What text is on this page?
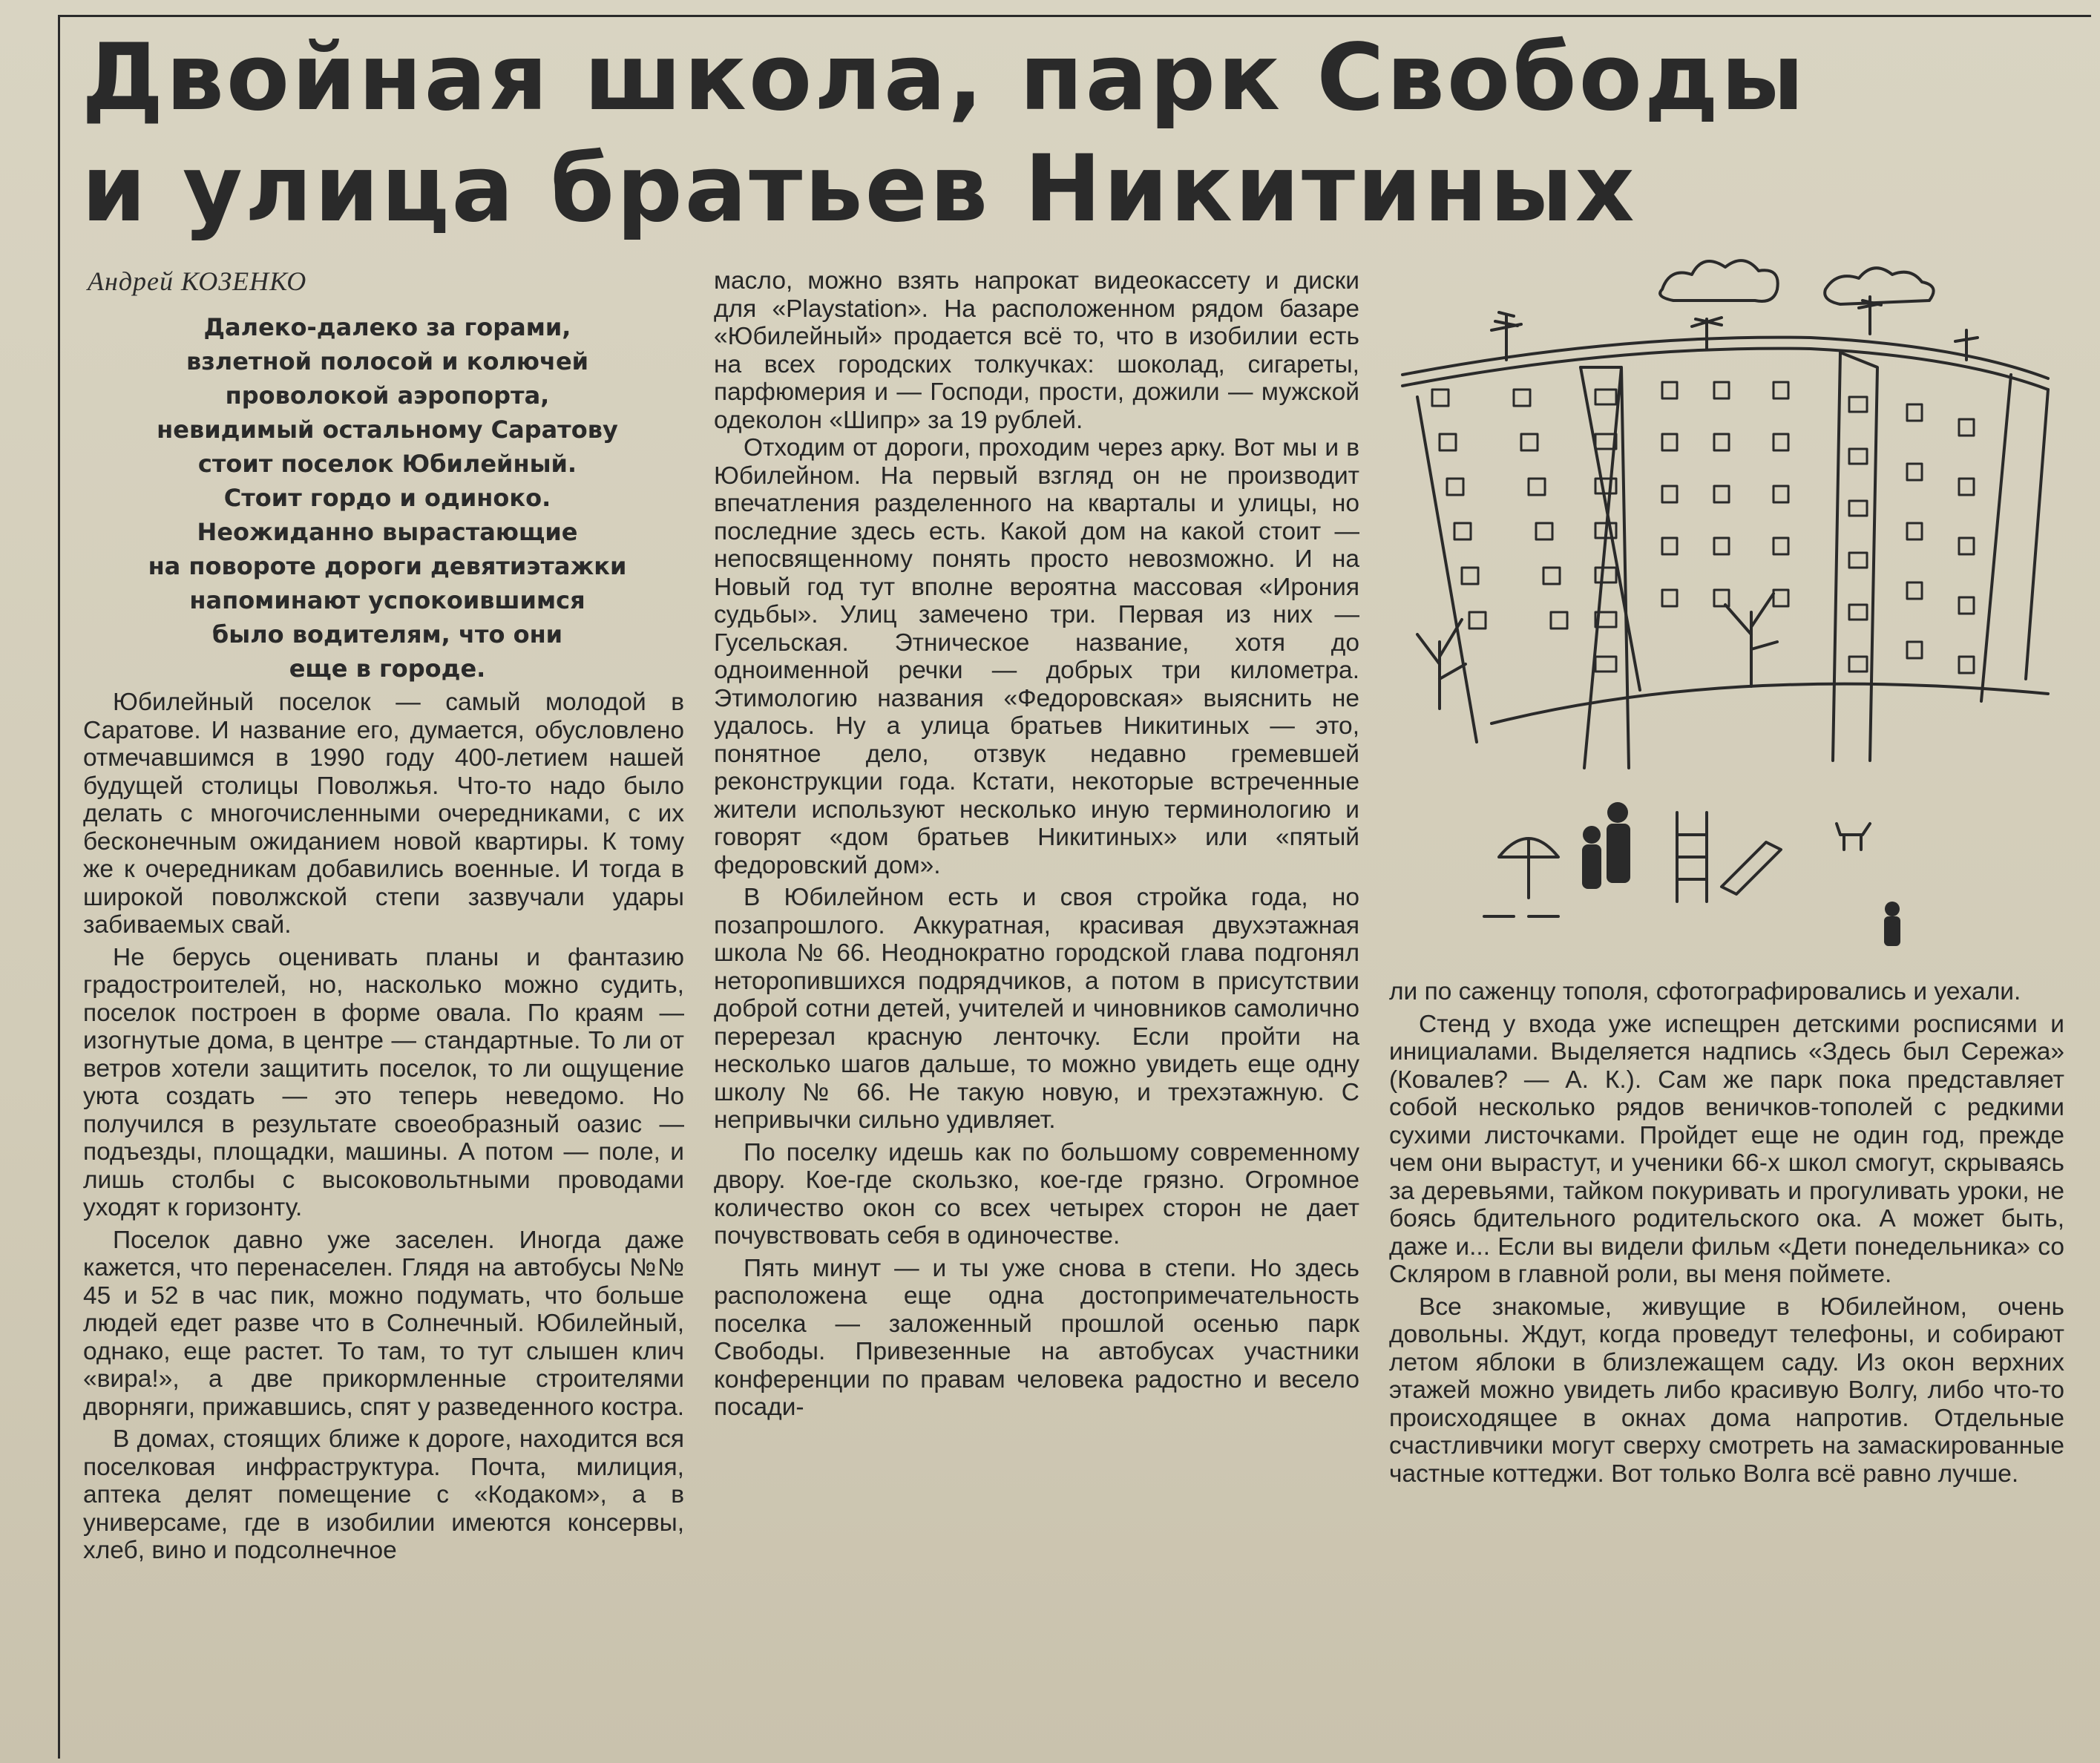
Двойная школа, парк Свободы
и улица братьев Никитиных
Андрей КОЗЕНКО
Далеко-далеко за горами,
взлетной полосой и колючей
проволокой аэропорта,
невидимый остальному Саратову
стоит поселок Юбилейный.
Стоит гордо и одиноко.
Неожиданно вырастающие
на повороте дороги девятиэтажки
напоминают успокоившимся
было водителям, что они
еще в городе.

Юбилейный поселок — самый молодой в Саратове. И название его, думается, обусловлено отмечавшимся в 1990 году 400-летием нашей будущей столицы Поволжья. Что-то надо было делать с многочисленными очередниками, с их бесконечным ожиданием новой квартиры. К тому же к очередникам добавились военные. И тогда в широкой поволжской степи зазвучали удары забиваемых свай.

Не берусь оценивать планы и фантазию градостроителей, но, насколько можно судить, поселок построен в форме овала. По краям — изогнутые дома, в центре — стандартные. То ли от ветров хотели защитить поселок, то ли ощущение уюта создать — это теперь неведомо. Но получился в результате своеобразный оазис — подъезды, площадки, машины. А потом — поле, и лишь столбы с высоковольтными проводами уходят к горизонту.

Поселок давно уже заселен. Иногда даже кажется, что перенаселен. Глядя на автобусы №№ 45 и 52 в час пик, можно подумать, что больше людей едет разве что в Солнечный. Юбилейный, однако, еще растет. То там, то тут слышен клич «вира!», а две прикормленные строителями дворняги, прижавшись, спят у разведенного костра.

В домах, стоящих ближе к дороге, находится вся поселковая инфраструктура. Почта, милиция, аптека делят помещение с «Кодаком», а в универсаме, где в изобилии имеются консервы, хлеб, вино и подсолнечное

масло, можно взять напрокат видеокассету и диски для «Playstation». На расположенном рядом базаре «Юбилейный» продается всё то, что в изобилии есть на всех городских толкучках: шоколад, сигареты, парфюмерия и — Господи, прости, дожили — мужской одеколон «Шипр» за 19 рублей.

Отходим от дороги, проходим через арку. Вот мы и в Юбилейном. На первый взгляд он не производит впечатления разделенного на кварталы и улицы, но последние здесь есть. Какой дом на какой стоит — непосвященному понять просто невозможно. И на Новый год тут вполне вероятна массовая «Ирония судьбы». Улиц замечено три. Первая из них — Гусельская. Этническое название, хотя до одноименной речки — добрых три километра. Этимологию названия «Федоровская» выяснить не удалось. Ну а улица братьев Никитиных — это, понятное дело, отзвук недавно гремевшей реконструкции года. Кстати, некоторые встреченные жители используют несколько иную терминологию и говорят «дом братьев Никитиных» или «пятый федоровский дом».

В Юбилейном есть и своя стройка года, но позапрошлого. Аккуратная, красивая двухэтажная школа № 66. Неоднократно городской глава подгонял неторопившихся подрядчиков, а потом в присутствии доброй сотни детей, учителей и чиновников самолично перерезал красную ленточку. Если пройти на несколько шагов дальше, то можно увидеть еще одну школу № 66. Не такую новую, и трехэтажную. С непривычки сильно удивляет.

По поселку идешь как по большому современному двору. Кое-где скользко, кое-где грязно. Огромное количество окон со всех четырех сторон не дает почувствовать себя в одиночестве.

Пять минут — и ты уже снова в степи. Но здесь расположена еще одна достопримечательность поселка — заложенный прошлой осенью парк Свободы. Привезенные на автобусах участники конференции по правам человека радостно и весело посади-

ли по саженцу тополя, сфотографировались и уехали.

Стенд у входа уже испещрен детскими росписями и инициалами. Выделяется надпись «Здесь был Сережа» (Ковалев? — А. К.). Сам же парк пока представляет собой несколько рядов веничков-тополей с редкими сухими листочками. Пройдет еще не один год, прежде чем они вырастут, и ученики 66-х школ смогут, скрываясь за деревьями, тайком покуривать и прогуливать уроки, не боясь бдительного родительского ока. А может быть, даже и... Если вы видели фильм «Дети понедельника» со Скляром в главной роли, вы меня поймете.

Все знакомые, живущие в Юбилейном, очень довольны. Ждут, когда проведут телефоны, и собирают летом яблоки в близлежащем саду. Из окон верхних этажей можно увидеть либо красивую Волгу, либо что-то происходящее в окнах дома напротив. Отдельные счастливчики могут сверху смотреть на замаскированные частные коттеджи. Вот только Волга всё равно лучше.
